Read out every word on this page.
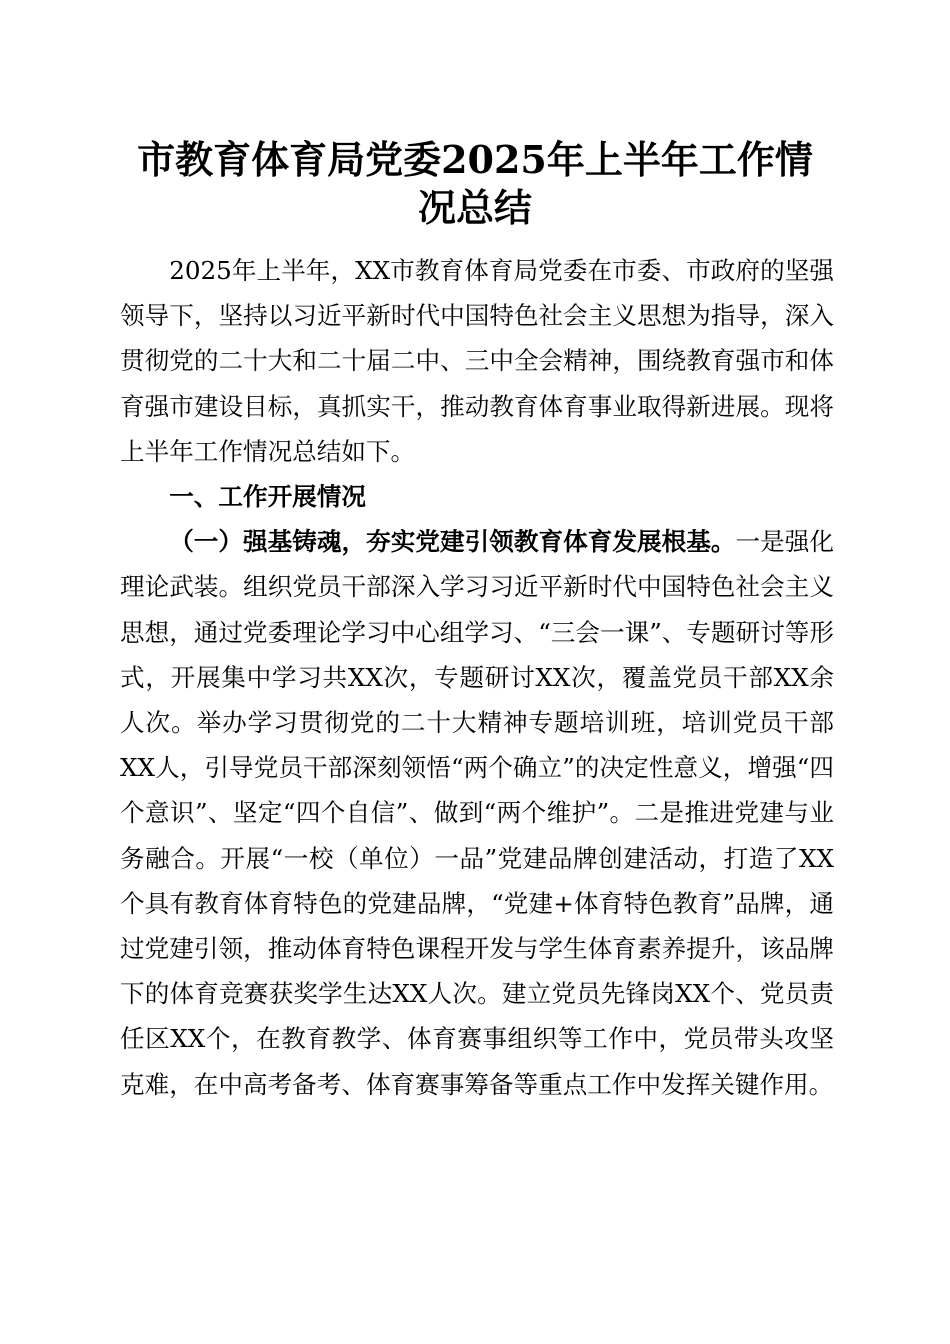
市教育体育局党委2025年上半年工作情况总结

2025年上半年，XX市教育体育局党委在市委、市政府的坚强领导下，坚持以习近平新时代中国特色社会主义思想为指导，深入贯彻党的二十大和二十届二中、三中全会精神，围绕教育强市和体育强市建设目标，真抓实干，推动教育体育事业取得新进展。现将上半年工作情况总结如下。

一、工作开展情况

（一）强基铸魂，夯实党建引领教育体育发展根基。一是强化理论武装。组织党员干部深入学习习近平新时代中国特色社会主义思想，通过党委理论学习中心组学习、“三会一课”、专题研讨等形式，开展集中学习共XX次，专题研讨XX次，覆盖党员干部XX余人次。举办学习贯彻党的二十大精神专题培训班，培训党员干部XX人，引导党员干部深刻领悟“两个确立”的决定性意义，增强“四个意识”、坚定“四个自信”、做到“两个维护”。二是推进党建与业务融合。开展“一校（单位）一品”党建品牌创建活动，打造了XX个具有教育体育特色的党建品牌，“党建+体育特色教育”品牌，通过党建引领，推动体育特色课程开发与学生体育素养提升，该品牌下的体育竞赛获奖学生达XX人次。建立党员先锋岗XX个、党员责任区XX个，在教育教学、体育赛事组织等工作中，党员带头攻坚克难，在中高考备考、体育赛事筹备等重点工作中发挥关键作用。
